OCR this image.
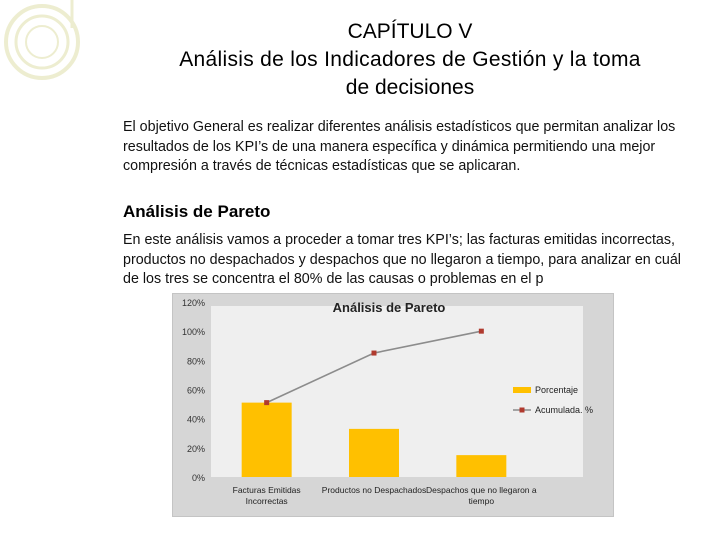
CAPÍTULO V
Análisis de los Indicadores de Gestión y la toma
de decisiones
El objetivo General es realizar diferentes análisis estadísticos que permitan analizar los resultados de los KPI’s de una manera específica y dinámica permitiendo una mejor compresión a través de técnicas estadísticas que se aplicaran.
Análisis de Pareto
En este análisis vamos a proceder a tomar tres KPI’s; las facturas emitidas incorrectas, productos no despachados y despachos que no llegaron a tiempo, para analizar en cuál de los tres se concentra el 80% de las causas o problemas en el p
0%
20%
40%
60%
80%
100%
120%	Análisis de Pareto
Facturas Emitidas
Incorrectas
Productos no Despachados Despachos que no llegaron a
tiempo
Porcentaje
Acumulada. %
